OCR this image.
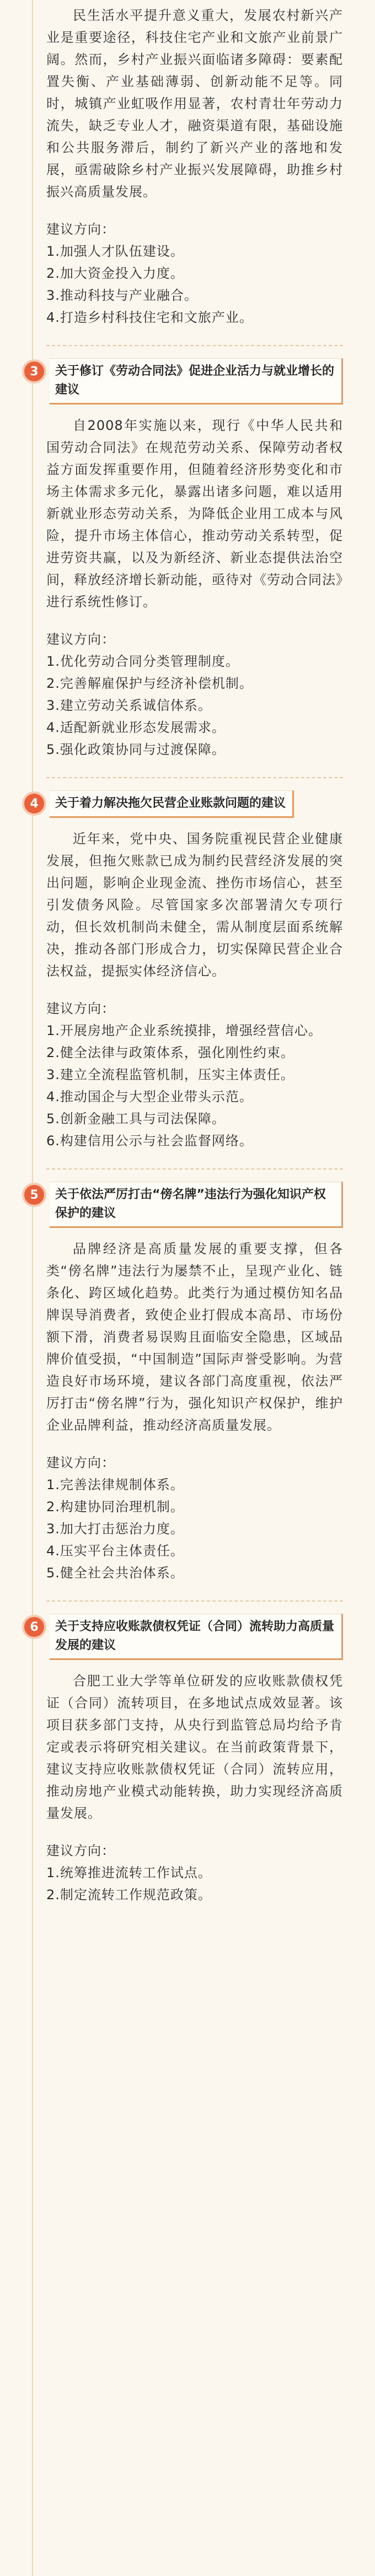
民生活水平提升意义重大，发展农村新兴产业是重要途径，科技住宅产业和文旅产业前景广阔。然而，乡村产业振兴面临诸多障碍：要素配置失衡、产业基础薄弱、创新动能不足等。同时，城镇产业虹吸作用显著，农村青壮年劳动力流失，缺乏专业人才，融资渠道有限，基础设施和公共服务滞后，制约了新兴产业的落地和发展，亟需破除乡村产业振兴发展障碍，助推乡村振兴高质量发展。

建议方向：

1.加强人才队伍建设。

2.加大资金投入力度。

3.推动科技与产业融合。

4.打造乡村科技住宅和文旅产业。

3	关于修订《劳动合同法》促进企业活力与就业增长的建议

自2008年实施以来，现行《中华人民共和国劳动合同法》在规范劳动关系、保障劳动者权益方面发挥重要作用，但随着经济形势变化和市场主体需求多元化，暴露出诸多问题，难以适用新就业形态劳动关系，为降低企业用工成本与风险，提升市场主体信心，推动劳动关系转型，促进劳资共赢，以及为新经济、新业态提供法治空间，释放经济增长新动能，亟待对《劳动合同法》进行系统性修订。

建议方向：

1.优化劳动合同分类管理制度。

2.完善解雇保护与经济补偿机制。

3.建立劳动关系诚信体系。

4.适配新就业形态发展需求。

5.强化政策协同与过渡保障。

4	关于着力解决拖欠民营企业账款问题的建议

近年来，党中央、国务院重视民营企业健康发展，但拖欠账款已成为制约民营经济发展的突出问题，影响企业现金流、挫伤市场信心，甚至引发债务风险。尽管国家多次部署清欠专项行动，但长效机制尚未健全，需从制度层面系统解决，推动各部门形成合力，切实保障民营企业合法权益，提振实体经济信心。

建议方向：

1.开展房地产企业系统摸排，增强经营信心。

2.健全法律与政策体系，强化刚性约束。

3.建立全流程监管机制，压实主体责任。

4.推动国企与大型企业带头示范。

5.创新金融工具与司法保障。

6.构建信用公示与社会监督网络。

5	关于依法严厉打击“傍名牌”违法行为强化知识产权保护的建议

品牌经济是高质量发展的重要支撑，但各类“傍名牌”违法行为屡禁不止，呈现产业化、链条化、跨区域化趋势。此类行为通过模仿知名品牌误导消费者，致使企业打假成本高昂、市场份额下滑，消费者易误购且面临安全隐患，区域品牌价值受损，“中国制造”国际声誉受影响。为营造良好市场环境，建议各部门高度重视，依法严厉打击“傍名牌”行为，强化知识产权保护，维护企业品牌利益，推动经济高质量发展。

建议方向：

1.完善法律规制体系。

2.构建协同治理机制。

3.加大打击惩治力度。

4.压实平台主体责任。

5.健全社会共治体系。

6	关于支持应收账款债权凭证（合同）流转助力高质量发展的建议

合肥工业大学等单位研发的应收账款债权凭证（合同）流转项目，在多地试点成效显著。该项目获多部门支持，从央行到监管总局均给予肯定或表示将研究相关建议。在当前政策背景下，建议支持应收账款债权凭证（合同）流转应用，推动房地产业模式动能转换，助力实现经济高质量发展。

建议方向：

1.统筹推进流转工作试点。

2.制定流转工作规范政策。
